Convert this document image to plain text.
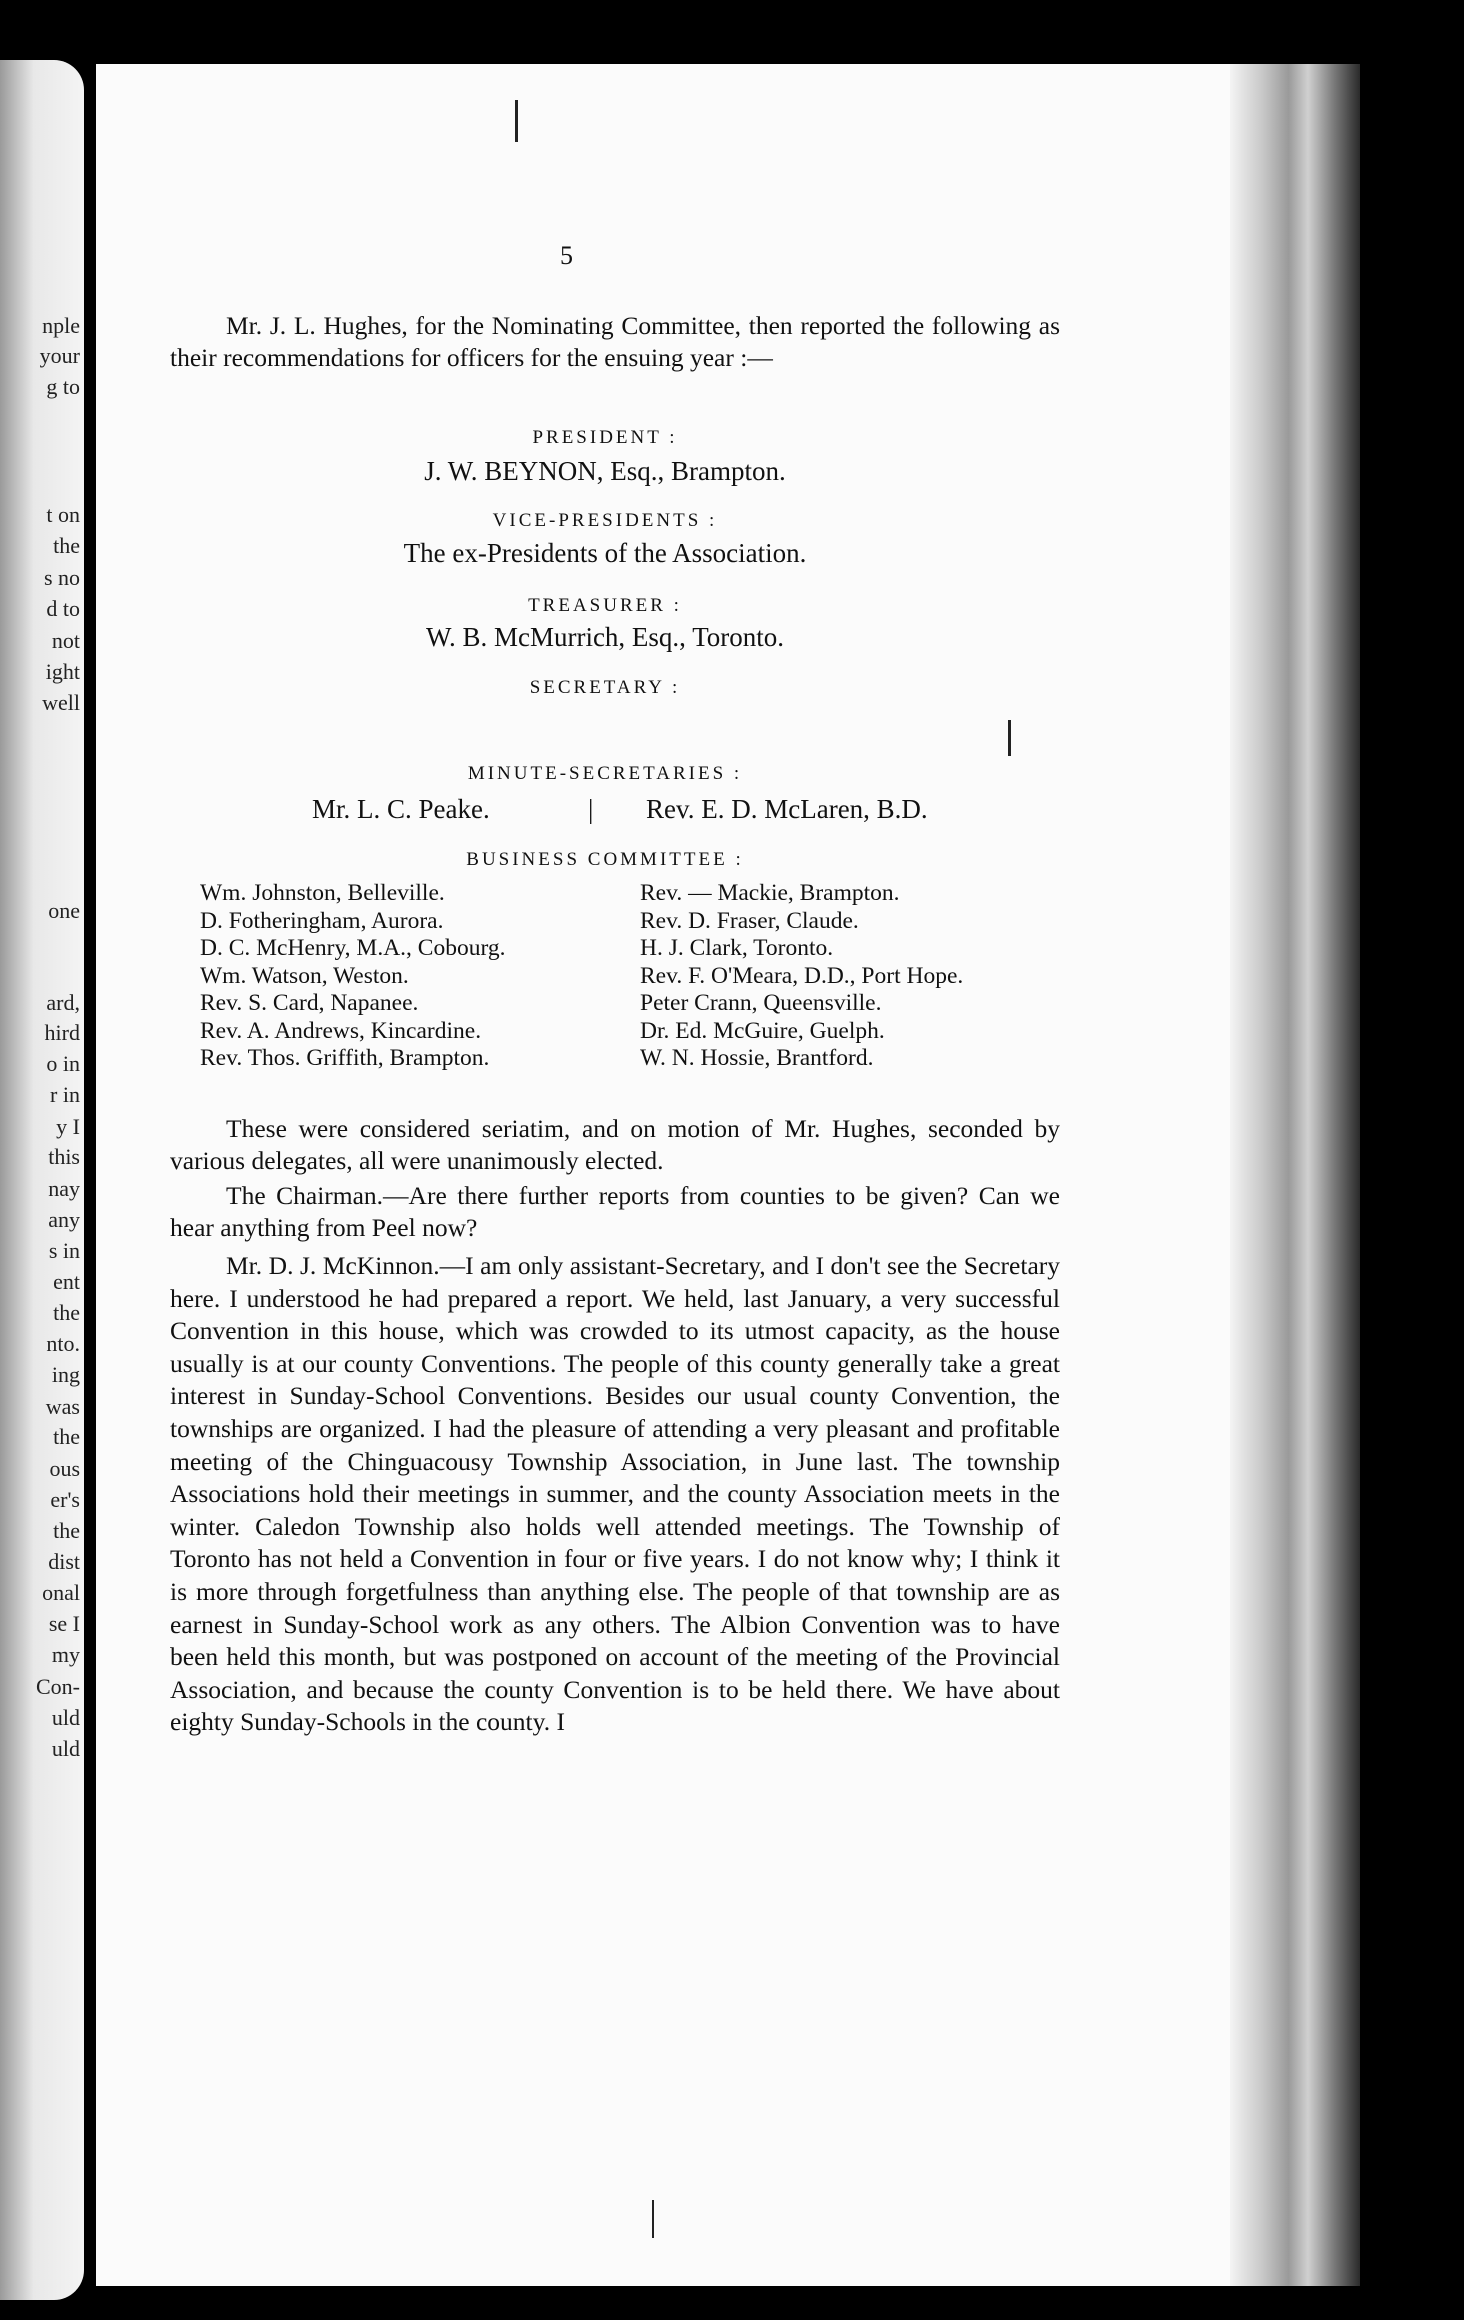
nple
your
g to
t on
the
s no
d to
not
ight
well
one
ard,
hird
o in
r in
y I
this
nay
any
s in
ent
the
nto.
ing
was
the
ous
er's
the
dist
onal
se I
my
Con-
uld
uld
5
Mr. J. L. Hughes, for the Nominating Committee, then reported the following as their recommendations for officers for the ensuing year :—
PRESIDENT :
J. W. BEYNON, Esq., Brampton.
VICE-PRESIDENTS :
The ex-Presidents of the Association.
TREASURER :
W. B. McMurrich, Esq., Toronto.
SECRETARY :
MINUTE-SECRETARIES :
Mr. L. C. Peake.	| Rev. E. D. McLaren, B.D.
BUSINESS COMMITTEE :
Wm. Johnston, Belleville.
D. Fotheringham, Aurora.
D. C. McHenry, M.A., Cobourg.
Wm. Watson, Weston.
Rev. S. Card, Napanee.
Rev. A. Andrews, Kincardine.
Rev. Thos. Griffith, Brampton.
Rev. — Mackie, Brampton.
Rev. D. Fraser, Claude.
H. J. Clark, Toronto.
Rev. F. O'Meara, D.D., Port Hope.
Peter Crann, Queensville.
Dr. Ed. McGuire, Guelph.
W. N. Hossie, Brantford.
These were considered seriatim, and on motion of Mr. Hughes, seconded by various delegates, all were unanimously elected.
The Chairman.—Are there further reports from counties to be given? Can we hear anything from Peel now?
Mr. D. J. McKinnon.—I am only assistant-Secretary, and I don't see the Secretary here. I understood he had prepared a report. We held, last January, a very successful Convention in this house, which was crowded to its utmost capacity, as the house usually is at our county Conventions. The people of this county generally take a great interest in Sunday-School Conventions. Besides our usual county Convention, the townships are organized. I had the pleasure of attending a very pleasant and profitable meeting of the Chinguacousy Township Association, in June last. The township Associations hold their meetings in summer, and the county Association meets in the winter. Caledon Township also holds well attended meetings. The Township of Toronto has not held a Convention in four or five years. I do not know why; I think it is more through forgetfulness than anything else. The people of that township are as earnest in Sunday-School work as any others. The Albion Convention was to have been held this month, but was postponed on account of the meeting of the Provincial Association, and because the county Convention is to be held there. We have about eighty Sunday-Schools in the county. I
